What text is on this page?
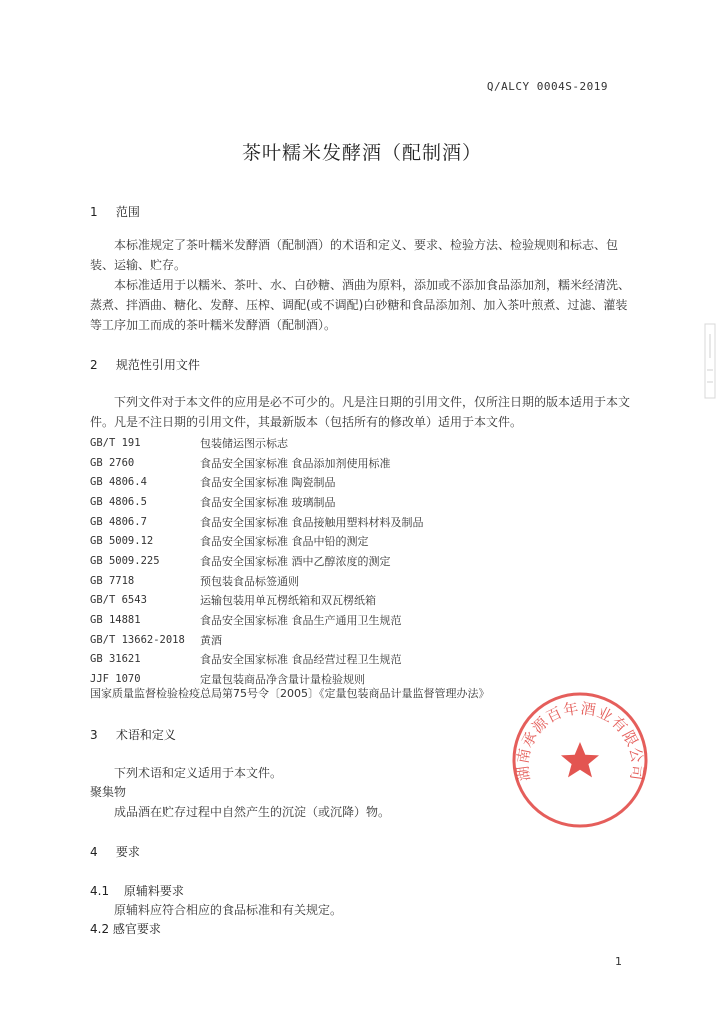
Q/ALCY 0004S-2019
茶叶糯米发酵酒（配制酒）
1 范围

本标准规定了茶叶糯米发酵酒（配制酒）的术语和定义、要求、检验方法、检验规则和标志、包装、运输、贮存。

本标准适用于以糯米、茶叶、水、白砂糖、酒曲为原料，添加或不添加食品添加剂，糯米经清洗、蒸煮、拌酒曲、糖化、发酵、压榨、调配(或不调配)白砂糖和食品添加剂、加入茶叶煎煮、过滤、灌装等工序加工而成的茶叶糯米发酵酒（配制酒）。

2 规范性引用文件

下列文件对于本文件的应用是必不可少的。凡是注日期的引用文件，仅所注日期的版本适用于本文件。凡是不注日期的引用文件，其最新版本（包括所有的修改单）适用于本文件。

GB/T 191	包装储运图示标志
GB 2760	食品安全国家标准 食品添加剂使用标准
GB 4806.4	食品安全国家标准 陶瓷制品
GB 4806.5	食品安全国家标准 玻璃制品
GB 4806.7	食品安全国家标准 食品接触用塑料材料及制品
GB 5009.12	食品安全国家标准 食品中铅的测定
GB 5009.225	食品安全国家标准 酒中乙醇浓度的测定
GB 7718	预包装食品标签通则
GB/T 6543	运输包装用单瓦楞纸箱和双瓦楞纸箱
GB 14881	食品安全国家标准 食品生产通用卫生规范
GB/T 13662-2018	黄酒
GB 31621	食品安全国家标准 食品经营过程卫生规范
JJF 1070	定量包装商品净含量计量检验规则
国家质量监督检验检疫总局第75号令〔2005〕《定量包装商品计量监督管理办法》
3 术语和定义
下列术语和定义适用于本文件。
聚集物
成品酒在贮存过程中自然产生的沉淀（或沉降）物。
4 要求
4.1 原辅料要求
原辅料应符合相应的食品标准和有关规定。
4.2 感官要求
湖南承源百年酒业有限公司
1
